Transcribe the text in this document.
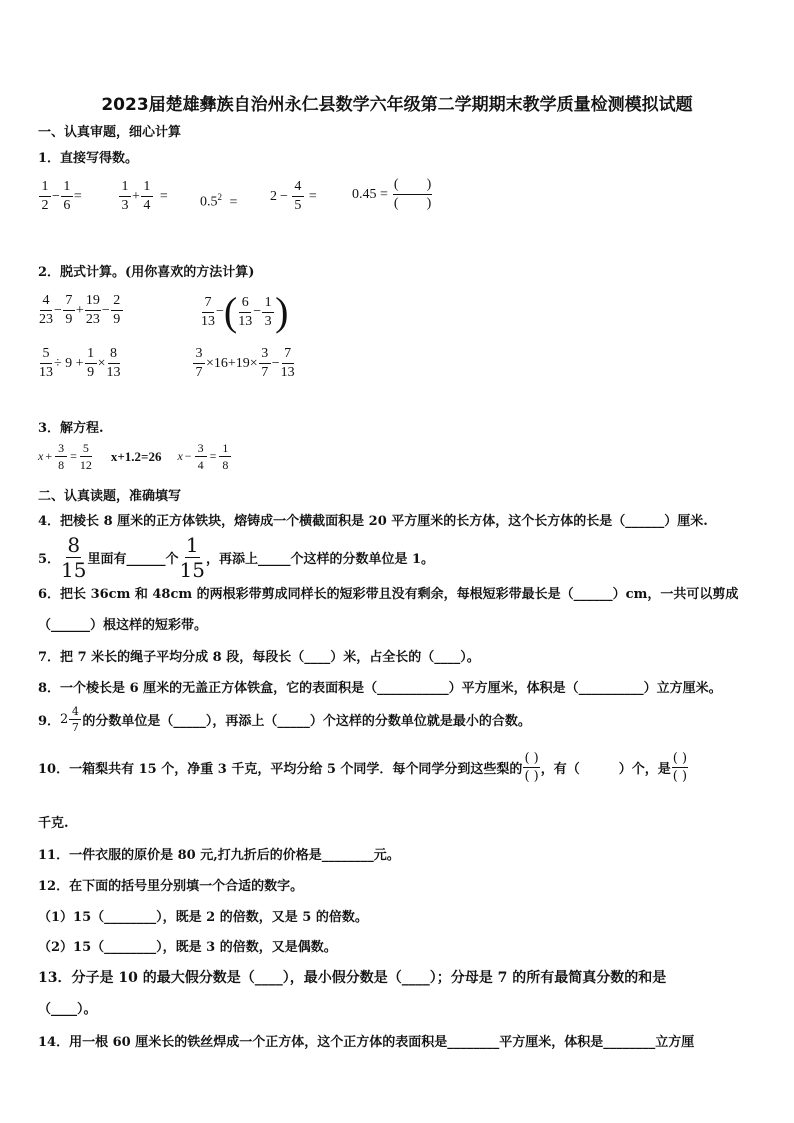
2023届楚雄彝族自治州永仁县数学六年级第二学期期末教学质量检测模拟试题
一、认真审题，细心计算
1．直接写得数。
$\frac{1}{2} - \frac{1}{6}$ =	$\frac{1}{3} + \frac{1}{4} = 0.5^2 = 2 - \frac{4}{5}$ =	$0.45 = \frac{( )}{( )}$
2．脱式计算。(用你喜欢的方法计算)
$\frac{4}{23} - \frac{7}{9} + \frac{19}{23} - \frac{2}{9}$	$\frac{7}{13}$ − ( $\frac{6}{13} - \frac{1}{3}$ )
$\frac{5}{13} \div 9 + \frac{1}{9} \times \frac{8}{13}$	$\frac{3}{7} \times 16+19\times \frac{3}{7} - \frac{7}{13}$
3．解方程.
$x + \frac{3}{8} = \frac{5}{12} x+1.2=26$ $x - \frac{3}{4} = \frac{1}{8}$
二、认真读题，准确填写
4．把棱长 8 厘米的正方体铁块，熔铸成一个横截面积是 20 平方厘米的长方体，这个长方体的长是（______）厘米.
5． $\frac{8}{15}$ 里面有______个 $\frac{1}{15}$ ，再添上_____个这样的分数单位是 1。
6．把长 36cm 和 48cm 的两根彩带剪成同样长的短彩带且没有剩余，每根短彩带最长是（______）cm，一共可以剪成
（______）根这样的短彩带。
7．把 7 米长的绳子平均分成 8 段，每段长（____）米，占全长的（____）。
8．一个棱长是 6 厘米的无盖正方体铁盒，它的表面积是（___________）平方厘米，体积是（__________）立方厘米。
9． $2 \frac{4}{7}$ 的分数单位是（_____），再添上（_____）个这样的分数单位就是最小的合数。
10．一箱梨共有 15 个，净重 3 千克，平均分给 5 个同学．每个同学分到这些梨的 $\frac{( )}{( )}$ ，有（　　　）个，是 $\frac{( )}{( )}$
千克.
11．一件衣服的原价是 80 元,打九折后的价格是________元。
12．在下面的括号里分别填一个合适的数字。
（1）15（________），既是 2 的倍数，又是 5 的倍数。
（2）15（________），既是 3 的倍数，又是偶数。
13．分子是 10 的最大假分数是（____），最小假分数是（____）；分母是 7 的所有最简真分数的和是
（____）。
14．用一根 60 厘米长的铁丝焊成一个正方体，这个正方体的表面积是________平方厘米，体积是________立方厘
